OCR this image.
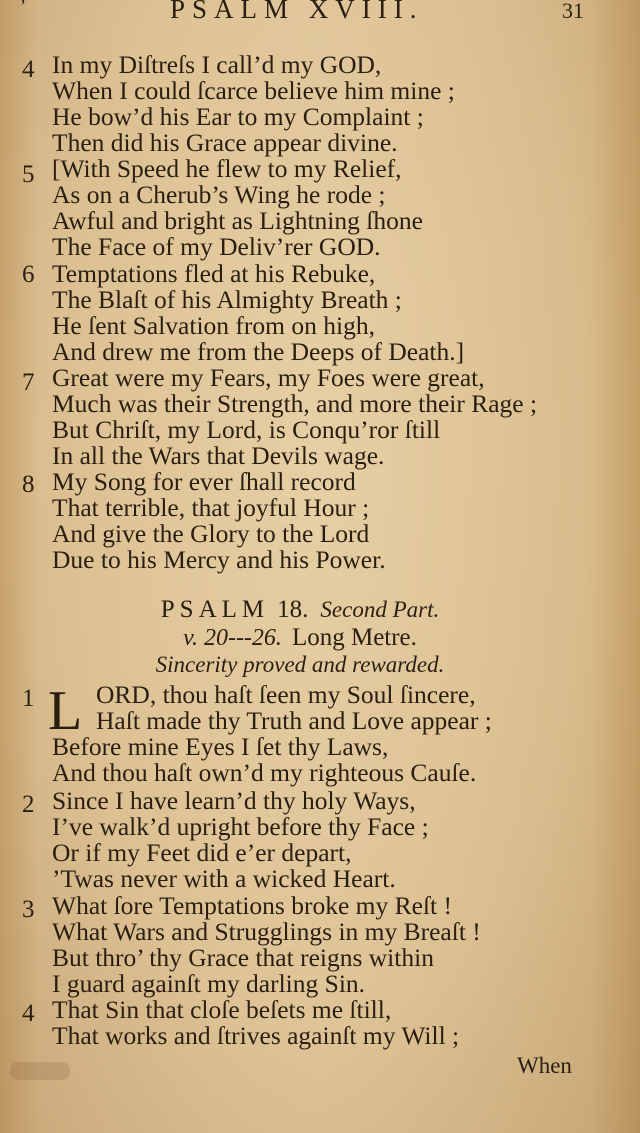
’	PSALM XVIII.	31
4 In my Diſtreſs I call’d my GOD,
When I could ſcarce believe him mine ;
He bow’d his Ear to my Complaint ;
Then did his Grace appear divine.
5 [With Speed he flew to my Relief,
As on a Cherub’s Wing he rode ;
Awful and bright as Lightning ſhone
The Face of my Deliv’rer GOD.
6 Temptations fled at his Rebuke,
The Blaſt of his Almighty Breath ;
He ſent Salvation from on high,
And drew me from the Deeps of Death.]
7 Great were my Fears, my Foes were great,
Much was their Strength, and more their Rage ;
But Chriſt, my Lord, is Conqu’ror ſtill
In all the Wars that Devils wage.
8 My Song for ever ſhall record
That terrible, that joyful Hour ;
And give the Glory to the Lord
Due to his Mercy and his Power.
PSALM 18. Second Part.
v. 20---26. Long Metre.
Sincerity proved and rewarded.
1 L ORD, thou haſt ſeen my Soul ſincere,
Haſt made thy Truth and Love appear ;
Before mine Eyes I ſet thy Laws,
And thou haſt own’d my righteous Cauſe.
2 Since I have learn’d thy holy Ways,
I’ve walk’d upright before thy Face ;
Or if my Feet did e’er depart,
’Twas never with a wicked Heart.
3 What ſore Temptations broke my Reſt !
What Wars and Strugglings in my Breaſt !
But thro’ thy Grace that reigns within
I guard againſt my darling Sin.
4 That Sin that cloſe beſets me ſtill,
That works and ſtrives againſt my Will ;
When
